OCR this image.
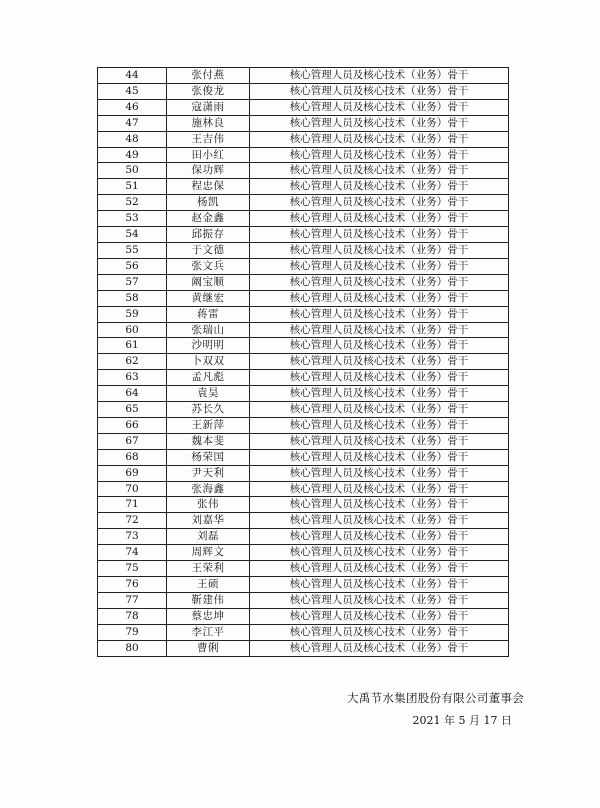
44	张付燕	核心管理人员及核心技术（业务）骨干
45	张俊龙	核心管理人员及核心技术（业务）骨干
46	寇潇雨	核心管理人员及核心技术（业务）骨干
47	施林良	核心管理人员及核心技术（业务）骨干
48	王吉伟	核心管理人员及核心技术（业务）骨干
49	田小红	核心管理人员及核心技术（业务）骨干
50	保功辉	核心管理人员及核心技术（业务）骨干
51	程忠保	核心管理人员及核心技术（业务）骨干
52	杨凯	核心管理人员及核心技术（业务）骨干
53	赵金鑫	核心管理人员及核心技术（业务）骨干
54	邱振存	核心管理人员及核心技术（业务）骨干
55	于文德	核心管理人员及核心技术（业务）骨干
56	张文兵	核心管理人员及核心技术（业务）骨干
57	阚宝顺	核心管理人员及核心技术（业务）骨干
58	黄继宏	核心管理人员及核心技术（业务）骨干
59	蒋雷	核心管理人员及核心技术（业务）骨干
60	张瑞山	核心管理人员及核心技术（业务）骨干
61	沙明明	核心管理人员及核心技术（业务）骨干
62	卜双双	核心管理人员及核心技术（业务）骨干
63	孟凡彪	核心管理人员及核心技术（业务）骨干
64	袁昊	核心管理人员及核心技术（业务）骨干
65	苏长久	核心管理人员及核心技术（业务）骨干
66	王新萍	核心管理人员及核心技术（业务）骨干
67	魏本斐	核心管理人员及核心技术（业务）骨干
68	杨荣国	核心管理人员及核心技术（业务）骨干
69	尹天利	核心管理人员及核心技术（业务）骨干
70	张海鑫	核心管理人员及核心技术（业务）骨干
71	张伟	核心管理人员及核心技术（业务）骨干
72	刘嘉华	核心管理人员及核心技术（业务）骨干
73	刘磊	核心管理人员及核心技术（业务）骨干
74	周辉文	核心管理人员及核心技术（业务）骨干
75	王荣利	核心管理人员及核心技术（业务）骨干
76	王硕	核心管理人员及核心技术（业务）骨干
77	靳建伟	核心管理人员及核心技术（业务）骨干
78	蔡忠坤	核心管理人员及核心技术（业务）骨干
79	李江平	核心管理人员及核心技术（业务）骨干
80	曹俐	核心管理人员及核心技术（业务）骨干
大禹节水集团股份有限公司董事会
2021 年 5 月 17 日
